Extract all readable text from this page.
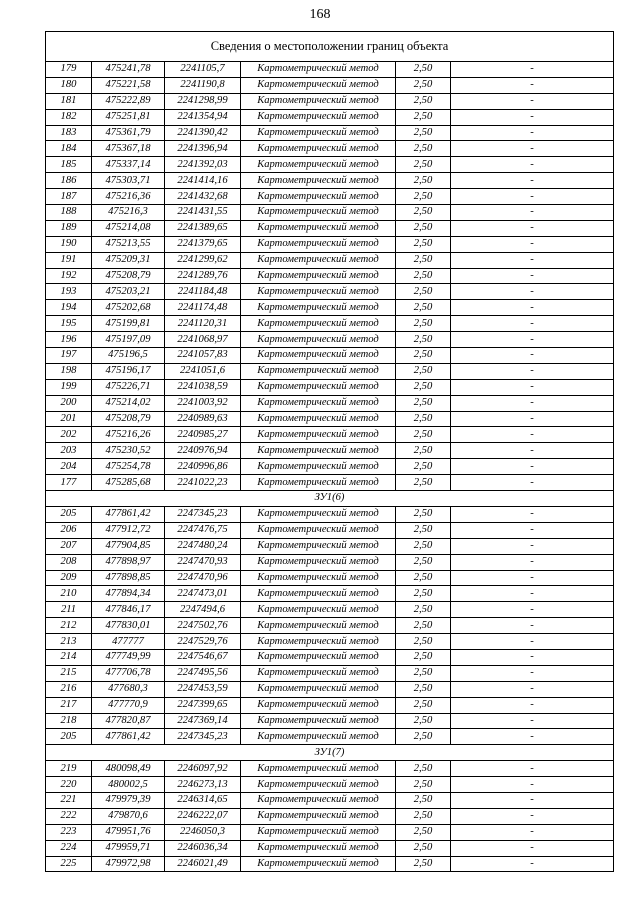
168
Сведения о местоположении границ объекта					
179	475241,78	2241105,7	Картометрический метод	2,50	-
180	475221,58	2241190,8	Картометрический метод	2,50	-
181	475222,89	2241298,99	Картометрический метод	2,50	-
182	475251,81	2241354,94	Картометрический метод	2,50	-
183	475361,79	2241390,42	Картометрический метод	2,50	-
184	475367,18	2241396,94	Картометрический метод	2,50	-
185	475337,14	2241392,03	Картометрический метод	2,50	-
186	475303,71	2241414,16	Картометрический метод	2,50	-
187	475216,36	2241432,68	Картометрический метод	2,50	-
188	475216,3	2241431,55	Картометрический метод	2,50	-
189	475214,08	2241389,65	Картометрический метод	2,50	-
190	475213,55	2241379,65	Картометрический метод	2,50	-
191	475209,31	2241299,62	Картометрический метод	2,50	-
192	475208,79	2241289,76	Картометрический метод	2,50	-
193	475203,21	2241184,48	Картометрический метод	2,50	-
194	475202,68	2241174,48	Картометрический метод	2,50	-
195	475199,81	2241120,31	Картометрический метод	2,50	-
196	475197,09	2241068,97	Картометрический метод	2,50	-
197	475196,5	2241057,83	Картометрический метод	2,50	-
198	475196,17	2241051,6	Картометрический метод	2,50	-
199	475226,71	2241038,59	Картометрический метод	2,50	-
200	475214,02	2241003,92	Картометрический метод	2,50	-
201	475208,79	2240989,63	Картометрический метод	2,50	-
202	475216,26	2240985,27	Картометрический метод	2,50	-
203	475230,52	2240976,94	Картометрический метод	2,50	-
204	475254,78	2240996,86	Картометрический метод	2,50	-
177	475285,68	2241022,23	Картометрический метод	2,50	-
ЗУ1(6)					
205	477861,42	2247345,23	Картометрический метод	2,50	-
206	477912,72	2247476,75	Картометрический метод	2,50	-
207	477904,85	2247480,24	Картометрический метод	2,50	-
208	477898,97	2247470,93	Картометрический метод	2,50	-
209	477898,85	2247470,96	Картометрический метод	2,50	-
210	477894,34	2247473,01	Картометрический метод	2,50	-
211	477846,17	2247494,6	Картометрический метод	2,50	-
212	477830,01	2247502,76	Картометрический метод	2,50	-
213	477777	2247529,76	Картометрический метод	2,50	-
214	477749,99	2247546,67	Картометрический метод	2,50	-
215	477706,78	2247495,56	Картометрический метод	2,50	-
216	477680,3	2247453,59	Картометрический метод	2,50	-
217	477770,9	2247399,65	Картометрический метод	2,50	-
218	477820,87	2247369,14	Картометрический метод	2,50	-
205	477861,42	2247345,23	Картометрический метод	2,50	-
ЗУ1(7)					
219	480098,49	2246097,92	Картометрический метод	2,50	-
220	480002,5	2246273,13	Картометрический метод	2,50	-
221	479979,39	2246314,65	Картометрический метод	2,50	-
222	479870,6	2246222,07	Картометрический метод	2,50	-
223	479951,76	2246050,3	Картометрический метод	2,50	-
224	479959,71	2246036,34	Картометрический метод	2,50	-
225	479972,98	2246021,49	Картометрический метод	2,50	-
